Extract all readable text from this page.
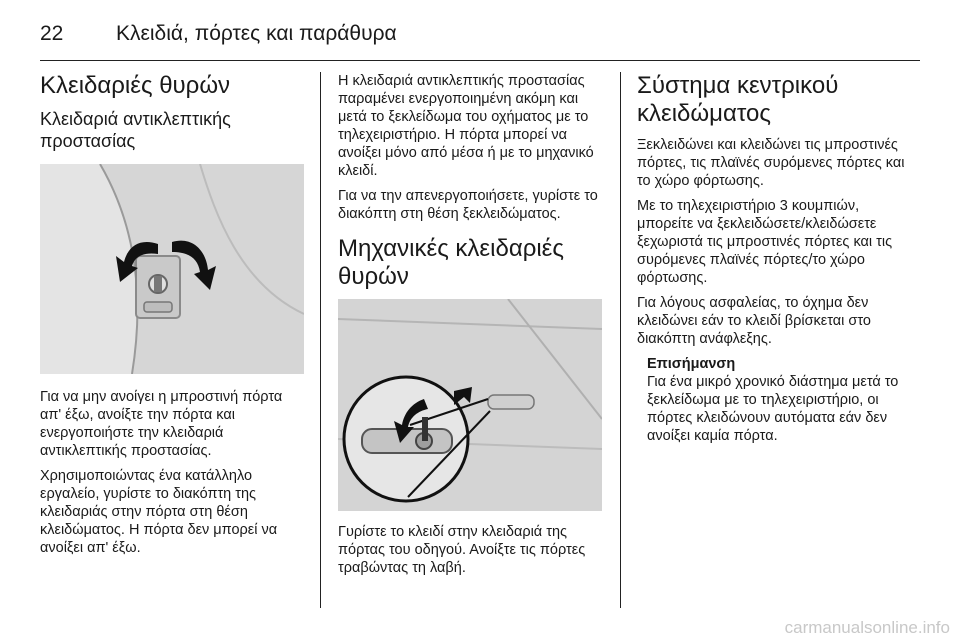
22	Κλειδιά, πόρτες και παράθυρα
Κλειδαριές θυρών
Κλειδαριά αντικλεπτικής
προστασίας

Για να μην ανοίγει η μπροστινή πόρτα απ' έξω, ανοίξτε την πόρτα και ενεργοποιήστε την κλειδαριά αντικλεπτικής προστασίας.

Χρησιμοποιώντας ένα κατάλληλο εργαλείο, γυρίστε το διακόπτη της κλειδαριάς στην πόρτα στη θέση κλειδώματος. Η πόρτα δεν μπορεί να ανοίξει απ' έξω.

Η κλειδαριά αντικλεπτικής προστασίας παραμένει ενεργοποιημένη ακόμη και μετά το ξεκλείδωμα του οχήματος με το τηλεχειριστήριο. Η πόρτα μπορεί να ανοίξει μόνο από μέσα ή με το μηχανικό κλειδί.

Για να την απενεργοποιήσετε, γυρίστε το διακόπτη στη θέση ξεκλειδώματος.

Μηχανικές κλειδαριές
θυρών

Γυρίστε το κλειδί στην κλειδαριά της πόρτας του οδηγού. Ανοίξτε τις πόρτες τραβώντας τη λαβή.

Σύστημα κεντρικού
κλειδώματος

Ξεκλειδώνει και κλειδώνει τις μπροστινές πόρτες, τις πλαϊνές συρόμενες πόρτες και το χώρο φόρτωσης.

Με το τηλεχειριστήριο 3 κουμπιών, μπορείτε να ξεκλειδώσετε/κλειδώσετε ξεχωριστά τις μπροστινές πόρτες και τις συρόμενες πλαϊνές πόρτες/το χώρο φόρτωσης.

Για λόγους ασφαλείας, το όχημα δεν κλειδώνει εάν το κλειδί βρίσκεται στο διακόπτη ανάφλεξης.

Επισήμανση

Για ένα μικρό χρονικό διάστημα μετά το ξεκλείδωμα με το τηλεχειριστήριο, οι πόρτες κλειδώνουν αυτόματα εάν δεν ανοίξει καμία πόρτα.

carmanualsonline.info
